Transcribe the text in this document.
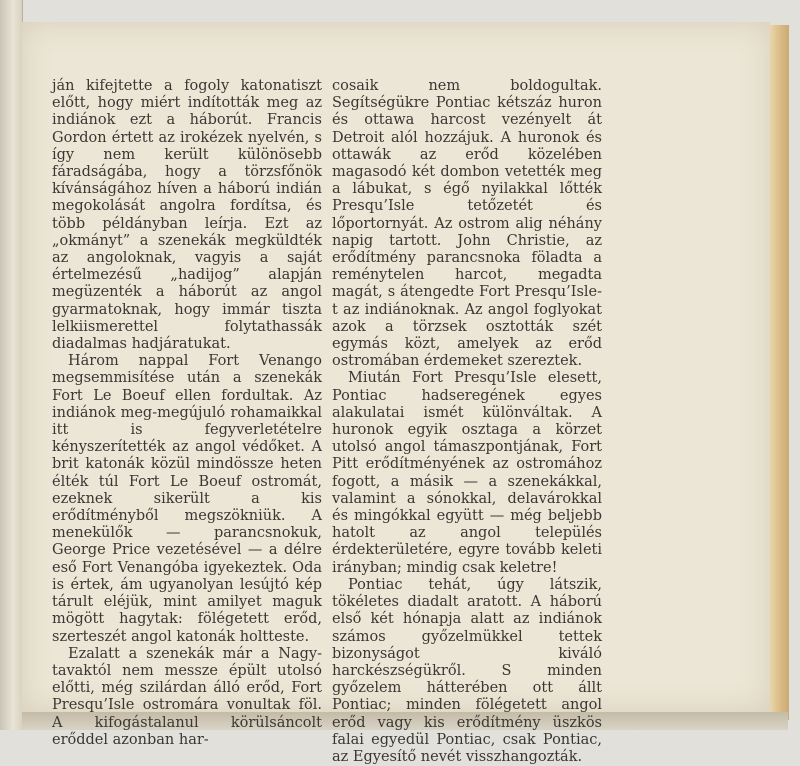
ján kifejtette a fogoly katonatiszt előtt, hogy miért indították meg az indiánok ezt a háborút. Francis Gordon értett az irokézek nyelvén, s így nem került különösebb fáradságába, hogy a törzsfőnök kívánságához híven a háború indián megokolását angolra fordítsa, és több példányban leírja. Ezt az „okmányt” a szenekák megküldték az angoloknak, vagyis a saját értelmezésű „hadijog” alapján megüzenték a háborút az angol gyarmatoknak, hogy immár tiszta lelkiismerettel folytathassák diadalmas hadjáratukat.

Három nappal Fort Venango megsemmisítése után a szenekák Fort Le Boeuf ellen fordultak. Az indiánok meg-megújuló rohamaikkal itt is fegyverletételre kényszerítették az angol védőket. A brit katonák közül mindössze heten élték túl Fort Le Boeuf ostromát, ezeknek sikerült a kis erődítményből megszökniük. A menekülők — parancsnokuk, George Price vezetésével — a délre eső Fort Venangóba igyekeztek. Oda is értek, ám ugyanolyan lesújtó kép tárult eléjük, mint amilyet maguk mögött hagytak: fölégetett erőd, szerteszét angol katonák holtteste.

Ezalatt a szenekák már a Nagy-tavaktól nem messze épült utolsó előtti, még szilárdan álló erőd, Fort Presqu’Isle ostromára vonultak föl. A kifogástalanul körülsáncolt erőddel azonban har-

cosaik nem boldogultak. Segítségükre Pontiac kétszáz huron és ottawa harcost vezényelt át Detroit alól hozzájuk. A huronok és ottawák az erőd közelében magasodó két dombon vetették meg a lábukat, s égő nyilakkal lőtték Presqu’Isle tetőzetét és lőportornyát. Az ostrom alig néhány napig tartott. John Christie, az erődítmény parancsnoka föladta a reménytelen harcot, megadta magát, s átengedte Fort Presqu’Isle-t az indiánoknak. Az angol foglyokat azok a törzsek osztották szét egymás közt, amelyek az erőd ostromában érdemeket szereztek.

Miután Fort Presqu’Isle elesett, Pontiac hadseregének egyes alakulatai ismét különváltak. A huronok egyik osztaga a körzet utolsó angol támaszpontjának, Fort Pitt erődítményének az ostromához fogott, a másik — a szenekákkal, valamint a sónokkal, delavárokkal és mingókkal együtt — még beljebb hatolt az angol település érdekterületére, egyre tovább keleti irányban; mindig csak keletre!

Pontiac tehát, úgy látszik, tökéletes diadalt aratott. A háború első két hónapja alatt az indiánok számos győzelmükkel tettek bizonyságot kiváló harckészségükről. S minden győzelem hátterében ott állt Pontiac; minden fölégetett angol erőd vagy kis erődítmény üszkös falai egyedül Pontiac, csak Pontiac, az Egyesítő nevét visszhangozták.
